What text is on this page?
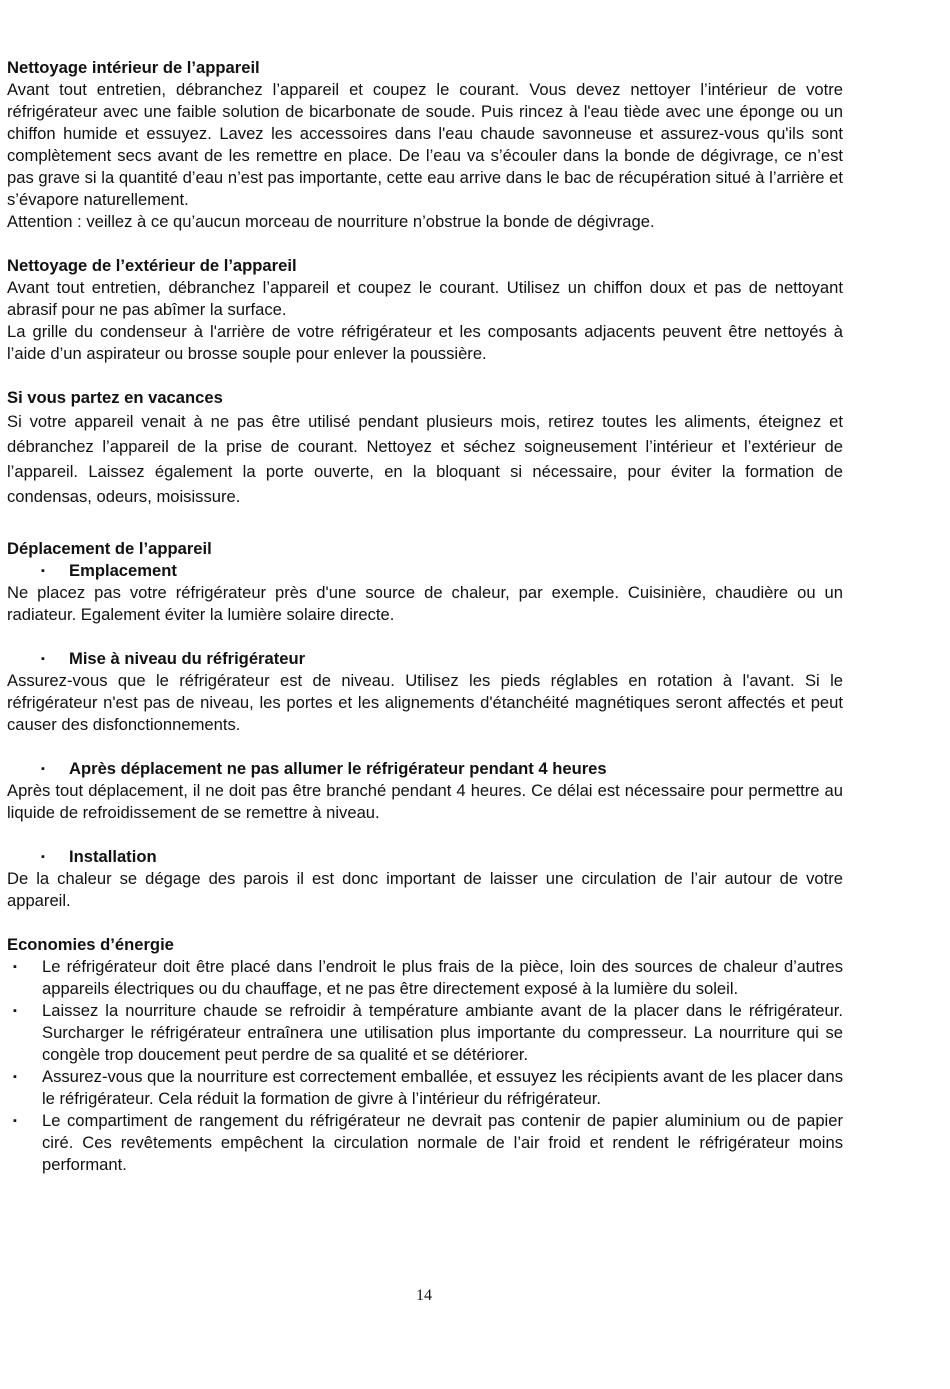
Nettoyage intérieur de l’appareil

Avant tout entretien, débranchez l’appareil et coupez le courant. Vous devez nettoyer l’intérieur de votre réfrigérateur avec une faible solution de bicarbonate de soude. Puis rincez à l'eau tiède avec une éponge ou un chiffon humide et essuyez. Lavez les accessoires dans l'eau chaude savonneuse et assurez-vous qu'ils sont complètement secs avant de les remettre en place. De l’eau va s’écouler dans la bonde de dégivrage, ce n’est pas grave si la quantité d’eau n’est pas importante, cette eau arrive dans le bac de récupération situé à l’arrière et s’évapore naturellement.

Attention : veillez à ce qu’aucun morceau de nourriture n’obstrue la bonde de dégivrage.

Nettoyage de l’extérieur de l’appareil

Avant tout entretien, débranchez l’appareil et coupez le courant. Utilisez un chiffon doux et pas de nettoyant abrasif pour ne pas abîmer la surface.

La grille du condenseur à l'arrière de votre réfrigérateur et les composants adjacents peuvent être nettoyés à l’aide d’un aspirateur ou brosse souple pour enlever la poussière.

Si vous partez en vacances

Si votre appareil venait à ne pas être utilisé pendant plusieurs mois, retirez toutes les aliments, éteignez et débranchez l’appareil de la prise de courant. Nettoyez et séchez soigneusement l’intérieur et l’extérieur de l’appareil. Laissez également la porte ouverte, en la bloquant si nécessaire, pour éviter la formation de condensas, odeurs, moisissure.

Déplacement de l’appareil

▪ Emplacement

Ne placez pas votre réfrigérateur près d'une source de chaleur, par exemple. Cuisinière, chaudière ou un radiateur. Egalement éviter la lumière solaire directe.

▪ Mise à niveau du réfrigérateur

Assurez-vous que le réfrigérateur est de niveau. Utilisez les pieds réglables en rotation à l'avant. Si le réfrigérateur n'est pas de niveau, les portes et les alignements d'étanchéité magnétiques seront affectés et peut causer des disfonctionnements.

▪ Après déplacement ne pas allumer le réfrigérateur pendant 4 heures

Après tout déplacement, il ne doit pas être branché pendant 4 heures. Ce délai est nécessaire pour permettre au liquide de refroidissement de se remettre à niveau.

▪ Installation

De la chaleur se dégage des parois il est donc important de laisser une circulation de l’air autour de votre appareil.

Economies d’énergie

▪ Le réfrigérateur doit être placé dans l’endroit le plus frais de la pièce, loin des sources de chaleur d’autres appareils électriques ou du chauffage, et ne pas être directement exposé à la lumière du soleil.
▪ Laissez la nourriture chaude se refroidir à température ambiante avant de la placer dans le réfrigérateur. Surcharger le réfrigérateur entraînera une utilisation plus importante du compresseur. La nourriture qui se congèle trop doucement peut perdre de sa qualité et se détériorer.
▪ Assurez-vous que la nourriture est correctement emballée, et essuyez les récipients avant de les placer dans le réfrigérateur. Cela réduit la formation de givre à l’intérieur du réfrigérateur.
▪ Le compartiment de rangement du réfrigérateur ne devrait pas contenir de papier aluminium ou de papier ciré. Ces revêtements empêchent la circulation normale de l’air froid et rendent le réfrigérateur moins performant.
14
